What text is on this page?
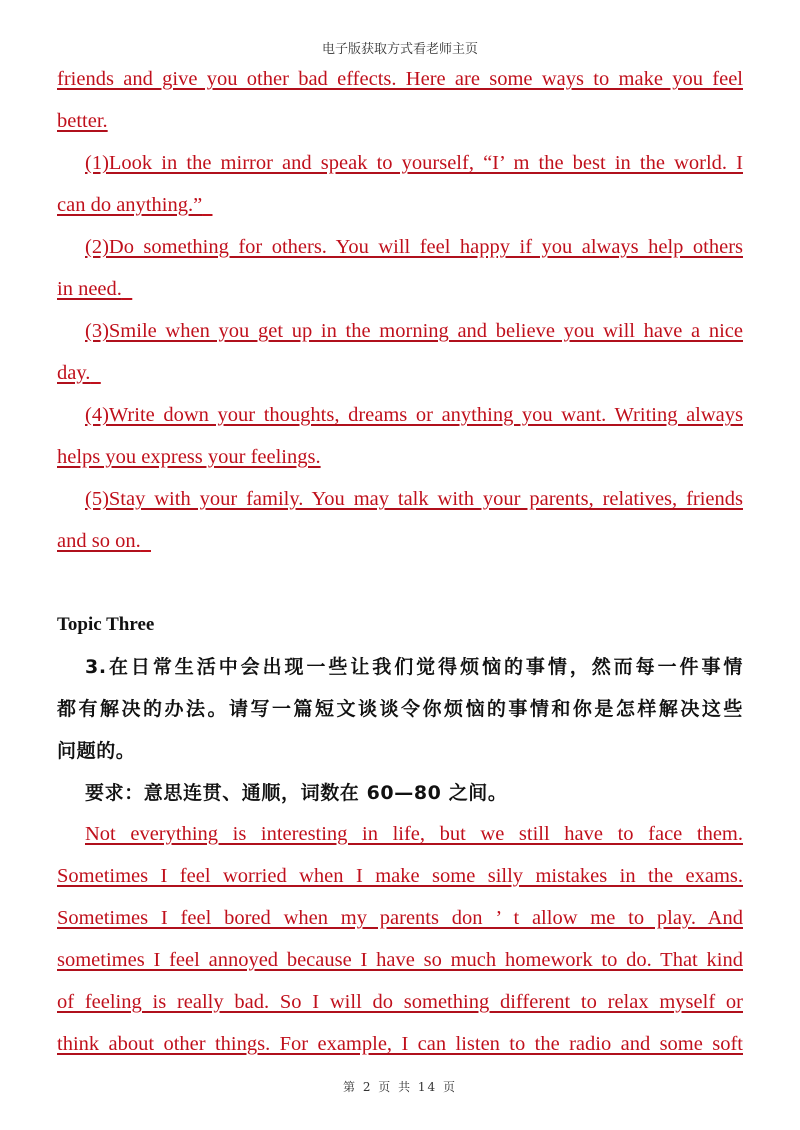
电子版获取方式看老师主页
friends and give you other bad effects. Here are some ways to make you feel
better.
(1)Look in the mirror and speak to yourself, “I’ m the best in the world. I
can do anything.”
(2)Do something for others. You will feel happy if you always help others
in need.
(3)Smile when you get up in the morning and believe you will have a nice
day.
(4)Write down your thoughts, dreams or anything you want. Writing always
helps you express your feelings.
(5)Stay with your family. You may talk with your parents, relatives, friends
and so on.
Topic Three
3.在日常生活中会出现一些让我们觉得烦恼的事情，然而每一件事情
都有解决的办法。请写一篇短文谈谈令你烦恼的事情和你是怎样解决这些
问题的。
要求：意思连贯、通顺，词数在 60—80 之间。
Not everything is interesting in life, but we still have to face them.
Sometimes I feel worried when I make some silly mistakes in the exams.
Sometimes I feel bored when my parents don ’ t allow me to play. And
sometimes I feel annoyed because I have so much homework to do. That kind
of feeling is really bad. So I will do something different to relax myself or
think about other things. For example, I can listen to the radio and some soft
第 2 页 共 14 页
